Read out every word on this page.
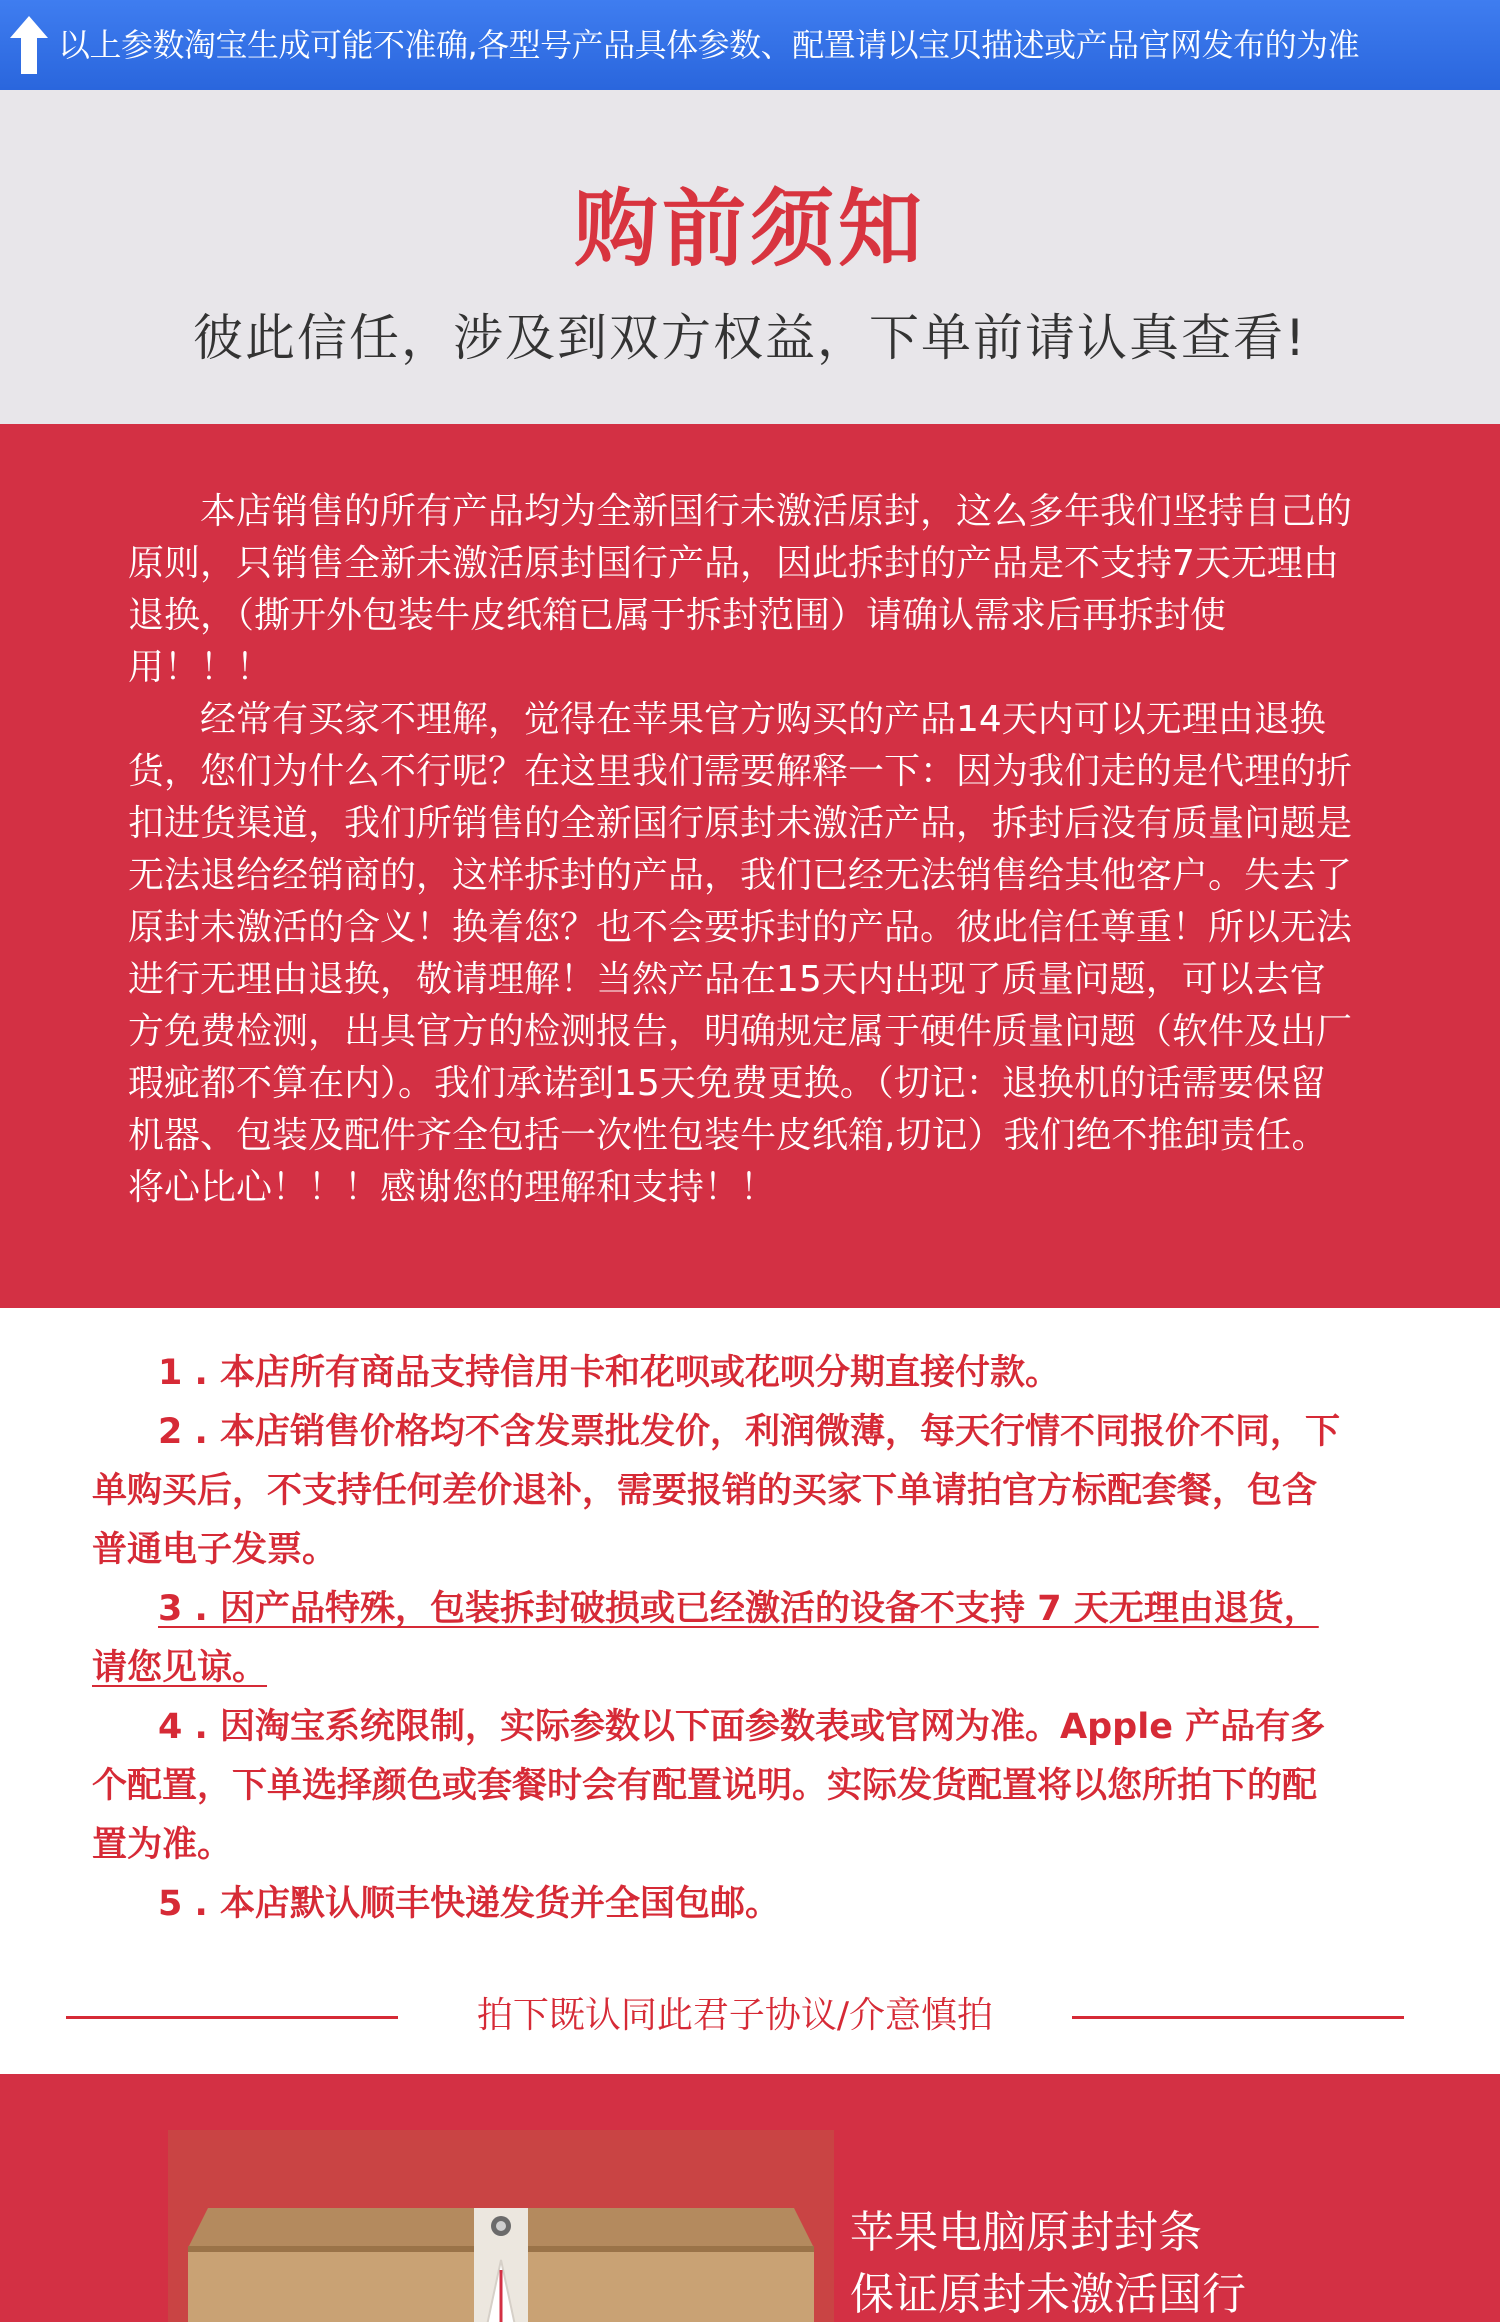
以上参数淘宝生成可能不准确,各型号产品具体参数、配置请以宝贝描述或产品官网发布的为准
购前须知
彼此信任，涉及到双方权益，下单前请认真查看!

本店销售的所有产品均为全新国行未激活原封，这么多年我们坚持自己的原则，只销售全新未激活原封国行产品，因此拆封的产品是不支持7天无理由退换，（撕开外包装牛皮纸箱已属于拆封范围）请确认需求后再拆封使用！！！

经常有买家不理解，觉得在苹果官方购买的产品14天内可以无理由退换货，您们为什么不行呢？在这里我们需要解释一下：因为我们走的是代理的折扣进货渠道，我们所销售的全新国行原封未激活产品，拆封后没有质量问题是无法退给经销商的，这样拆封的产品，我们已经无法销售给其他客户。失去了原封未激活的含义！换着您？也不会要拆封的产品。彼此信任尊重！所以无法进行无理由退换，敬请理解！当然产品在15天内出现了质量问题，可以去官方免费检测，出具官方的检测报告，明确规定属于硬件质量问题（软件及出厂瑕疵都不算在内）。我们承诺到15天免费更换。（切记：退换机的话需要保留机器、包装及配件齐全包括一次性包装牛皮纸箱,切记）我们绝不推卸责任。将心比心！！！感谢您的理解和支持！！

1 . 本店所有商品支持信用卡和花呗或花呗分期直接付款。

2 . 本店销售价格均不含发票批发价，利润微薄，每天行情不同报价不同，下单购买后，不支持任何差价退补，需要报销的买家下单请拍官方标配套餐，包含普通电子发票。

3 . 因产品特殊，包装拆封破损或已经激活的设备不支持 7 天无理由退货，请您见谅。

4 . 因淘宝系统限制，实际参数以下面参数表或官网为准。Apple 产品有多个配置，下单选择颜色或套餐时会有配置说明。实际发货配置将以您所拍下的配置为准。

5 . 本店默认顺丰快递发货并全国包邮。

拍下既认同此君子协议/介意慎拍
苹果电脑原封封条
保证原封未激活国行
